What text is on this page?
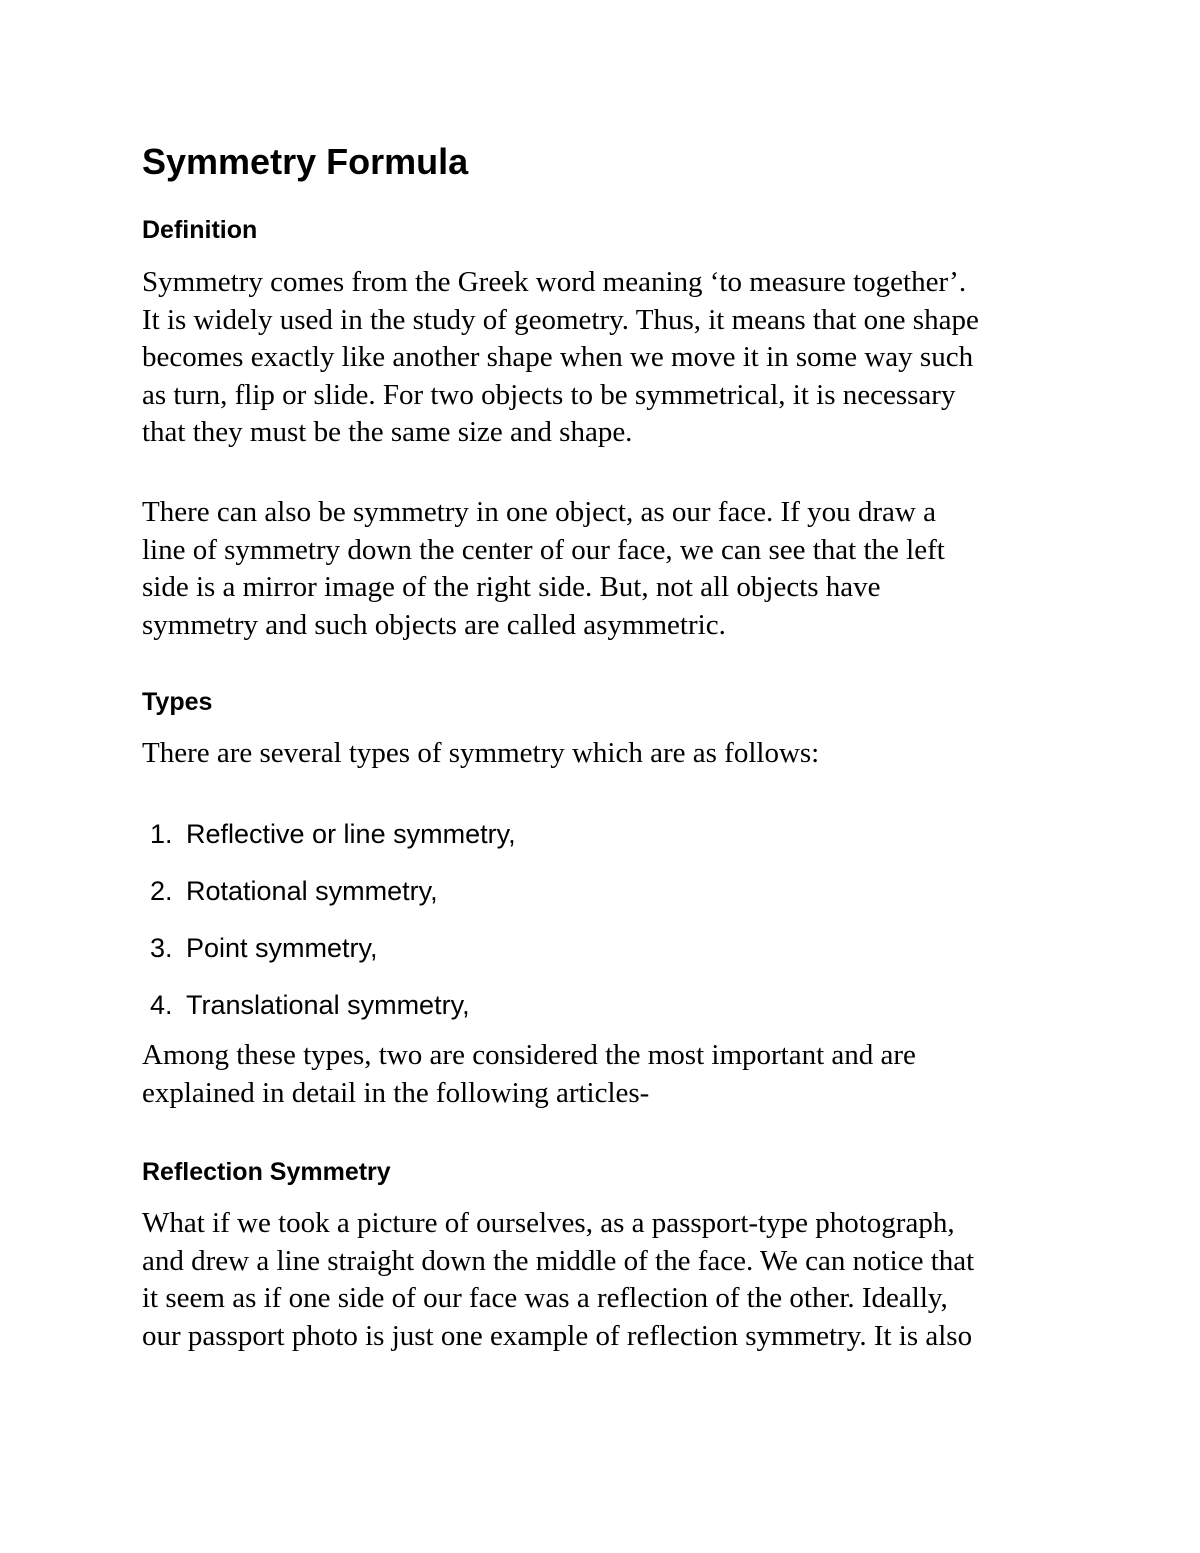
Symmetry Formula
Definition

Symmetry comes from the Greek word meaning ‘to measure together’.
It is widely used in the study of geometry. Thus, it means that one shape
becomes exactly like another shape when we move it in some way such
as turn, flip or slide. For two objects to be symmetrical, it is necessary
that they must be the same size and shape.

There can also be symmetry in one object, as our face. If you draw a
line of symmetry down the center of our face, we can see that the left
side is a mirror image of the right side. But, not all objects have
symmetry and such objects are called asymmetric.

Types

There are several types of symmetry which are as follows:

1. Reflective or line symmetry,
2. Rotational symmetry,
3. Point symmetry,
4. Translational symmetry,

Among these types, two are considered the most important and are
explained in detail in the following articles-

Reflection Symmetry

What if we took a picture of ourselves, as a passport-type photograph,
and drew a line straight down the middle of the face. We can notice that
it seem as if one side of our face was a reflection of the other. Ideally,
our passport photo is just one example of reflection symmetry. It is also
